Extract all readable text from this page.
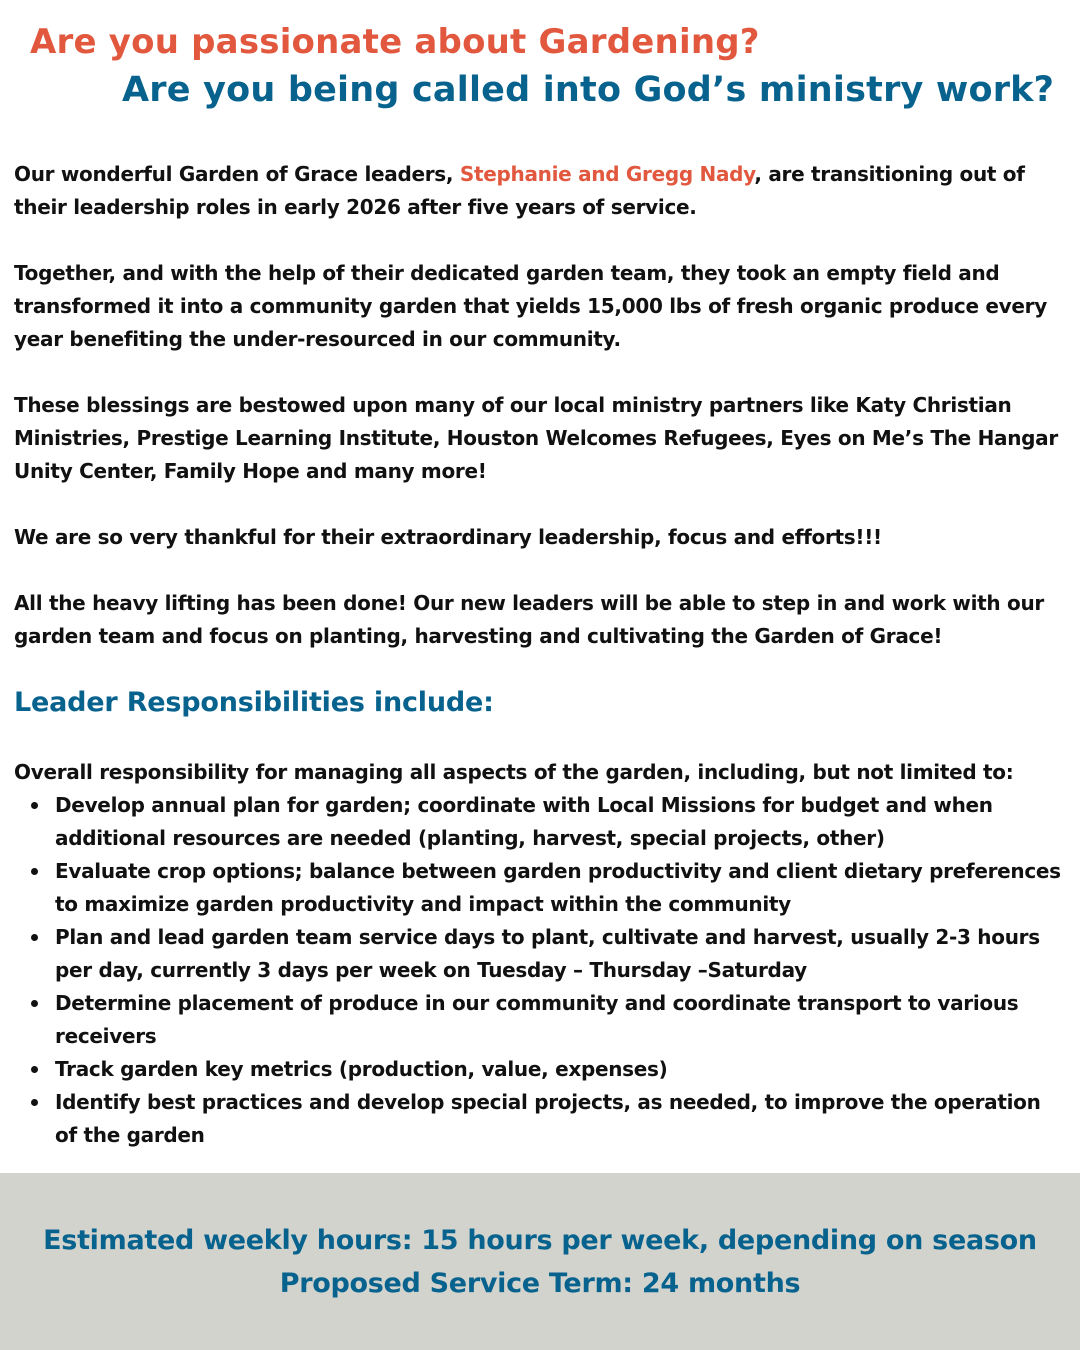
Are you passionate about Gardening?
Are you being called into God’s ministry work?

Our wonderful Garden of Grace leaders, Stephanie and Gregg Nady, are transitioning out of their leadership roles in early 2026 after five years of service.

Together, and with the help of their dedicated garden team, they took an empty field and transformed it into a community garden that yields 15,000 lbs of fresh organic produce every year benefiting the under-resourced in our community.

These blessings are bestowed upon many of our local ministry partners like Katy Christian Ministries, Prestige Learning Institute, Houston Welcomes Refugees, Eyes on Me’s The Hangar Unity Center, Family Hope and many more!

We are so very thankful for their extraordinary leadership, focus and efforts!!!

All the heavy lifting has been done! Our new leaders will be able to step in and work with our garden team and focus on planting, harvesting and cultivating the Garden of Grace!

Leader Responsibilities include:

Overall responsibility for managing all aspects of the garden, including, but not limited to:

Develop annual plan for garden; coordinate with Local Missions for budget and when additional resources are needed (planting, harvest, special projects, other)
Evaluate crop options; balance between garden productivity and client dietary preferences to maximize garden productivity and impact within the community
Plan and lead garden team service days to plant, cultivate and harvest, usually 2-3 hours per day, currently 3 days per week on Tuesday – Thursday –Saturday
Determine placement of produce in our community and coordinate transport to various receivers
Track garden key metrics (production, value, expenses)
Identify best practices and develop special projects, as needed, to improve the operation of the garden
Estimated weekly hours: 15 hours per week, depending on season
Proposed Service Term: 24 months
